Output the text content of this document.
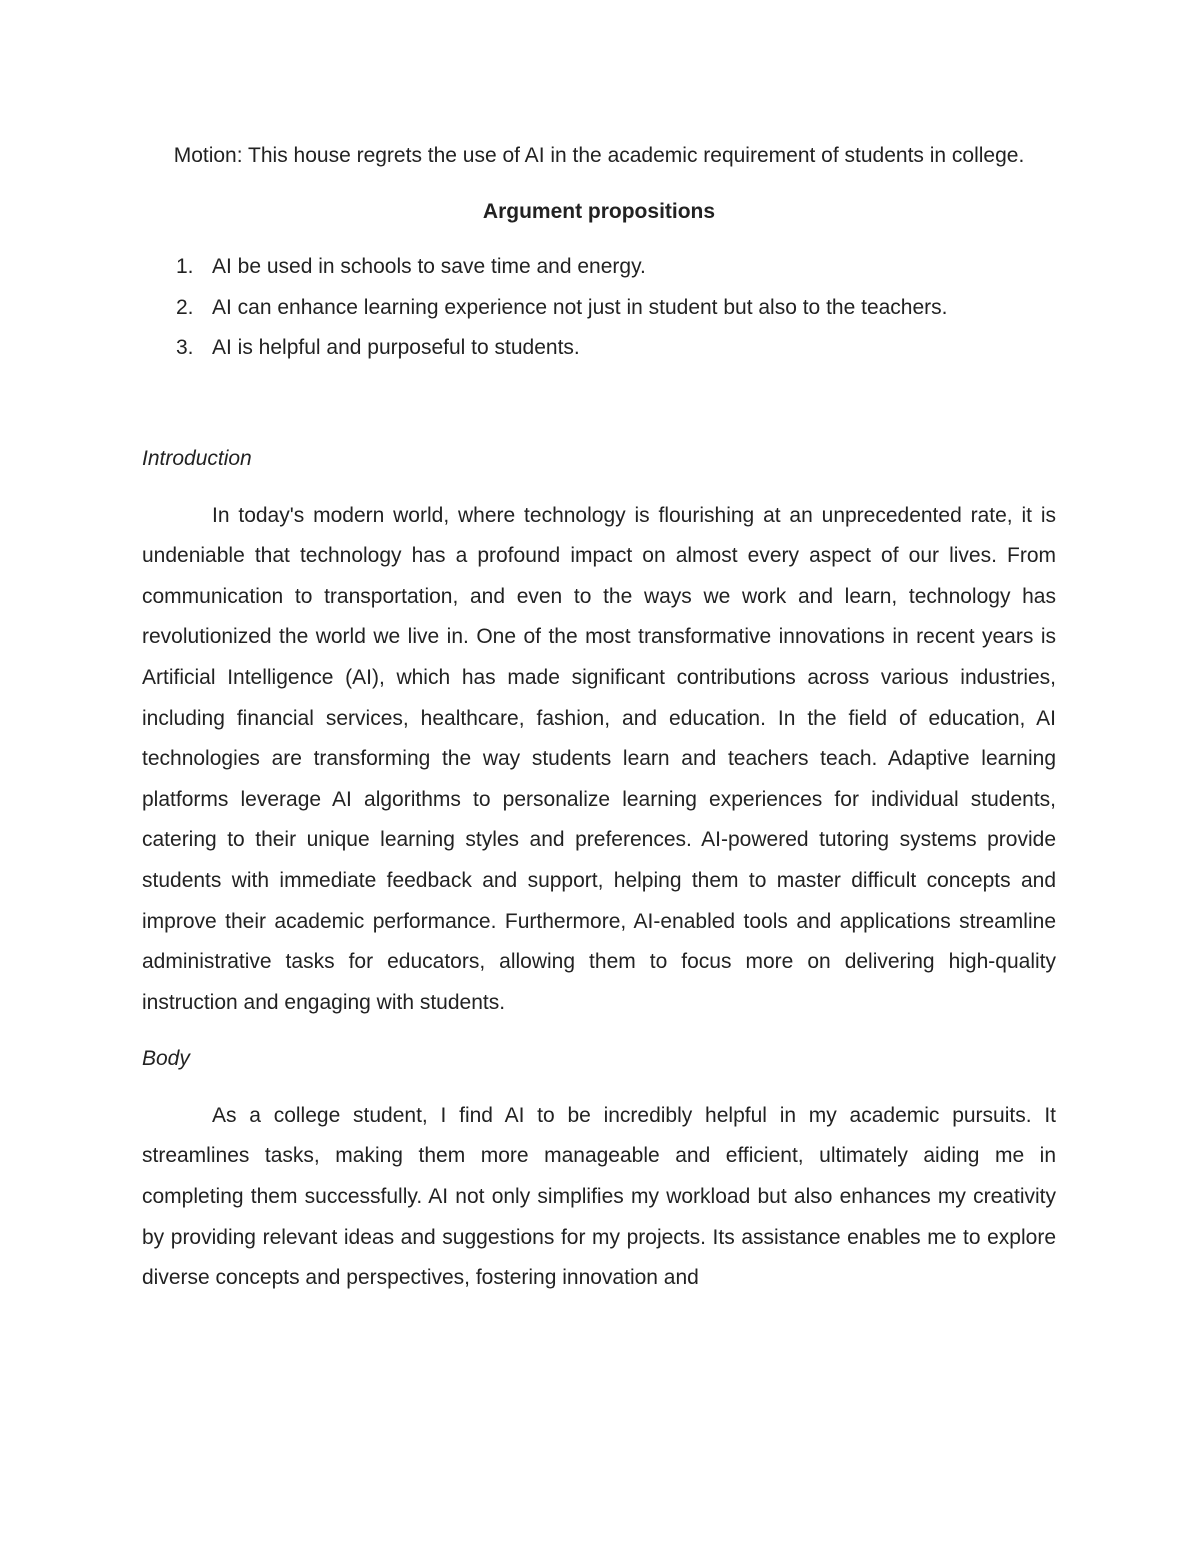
Motion: This house regrets the use of AI in the academic requirement of students in college.

Argument propositions

1. AI be used in schools to save time and energy.
2. AI can enhance learning experience not just in student but also to the teachers.
3. AI is helpful and purposeful to students.

Introduction

In today's modern world, where technology is flourishing at an unprecedented rate, it is undeniable that technology has a profound impact on almost every aspect of our lives. From communication to transportation, and even to the ways we work and learn, technology has revolutionized the world we live in. One of the most transformative innovations in recent years is Artificial Intelligence (AI), which has made significant contributions across various industries, including financial services, healthcare, fashion, and education. In the field of education, AI technologies are transforming the way students learn and teachers teach. Adaptive learning platforms leverage AI algorithms to personalize learning experiences for individual students, catering to their unique learning styles and preferences. AI-powered tutoring systems provide students with immediate feedback and support, helping them to master difficult concepts and improve their academic performance. Furthermore, AI-enabled tools and applications streamline administrative tasks for educators, allowing them to focus more on delivering high-quality instruction and engaging with students.

Body

As a college student, I find AI to be incredibly helpful in my academic pursuits. It streamlines tasks, making them more manageable and efficient, ultimately aiding me in completing them successfully. AI not only simplifies my workload but also enhances my creativity by providing relevant ideas and suggestions for my projects. Its assistance enables me to explore diverse concepts and perspectives, fostering innovation and
